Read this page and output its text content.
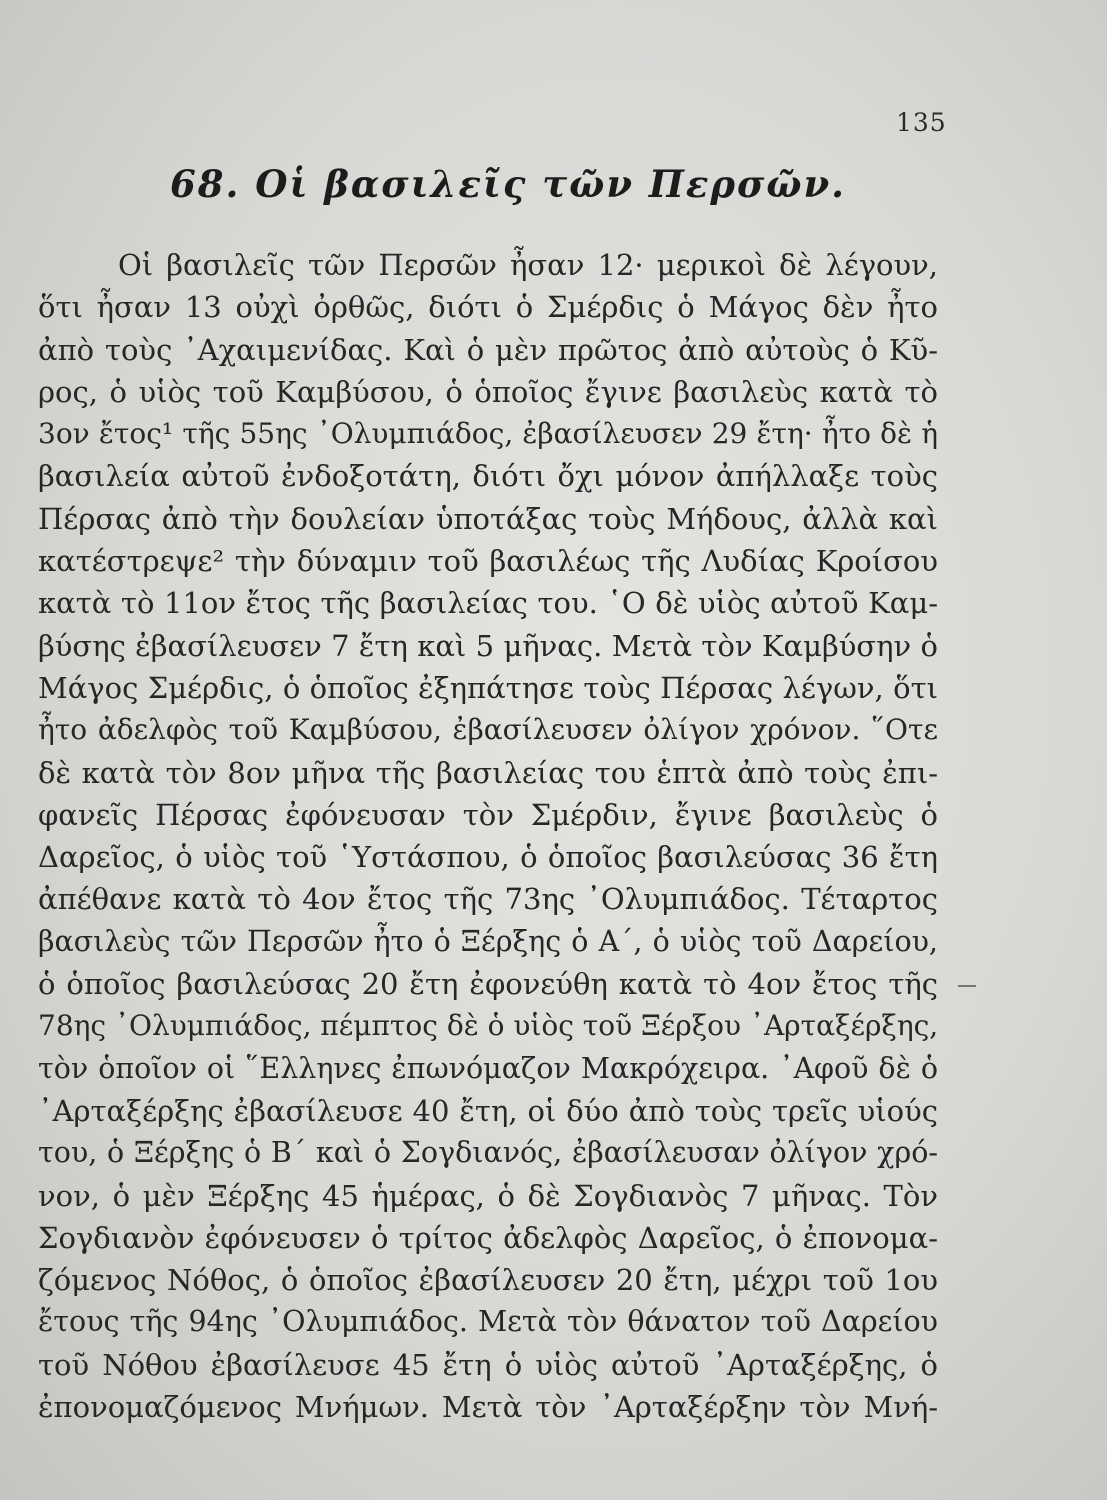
135
68. Οἱ βασιλεῖς τῶν Περσῶν.
Οἱ βασιλεῖς τῶν Περσῶν ἦσαν 12· μερικοὶ δὲ λέγουν,
ὅτι ἦσαν 13 οὐχὶ ὀρθῶς, διότι ὁ Σμέρδις ὁ Μάγος δὲν ἦτο
ἀπὸ τοὺς ᾿Αχαιμενίδας. Καὶ ὁ μὲν πρῶτος ἀπὸ αὐτοὺς ὁ Κῦ-
ρος, ὁ υἱὸς τοῦ Καμβύσου, ὁ ὁποῖος ἔγινε βασιλεὺς κατὰ τὸ
3ον ἔτος¹ τῆς 55ης ᾿Ολυμπιάδος, ἐβασίλευσεν 29 ἔτη· ἦτο δὲ ἡ
βασιλεία αὐτοῦ ἐνδοξοτάτη, διότι ὄχι μόνον ἀπήλλαξε τοὺς
Πέρσας ἀπὸ τὴν δουλείαν ὑποτάξας τοὺς Μήδους, ἀλλὰ καὶ
κατέστρεψε² τὴν δύναμιν τοῦ βασιλέως τῆς Λυδίας Κροίσου
κατὰ τὸ 11ον ἔτος τῆς βασιλείας του. ῾Ο δὲ υἱὸς αὐτοῦ Καμ-
βύσης ἐβασίλευσεν 7 ἔτη καὶ 5 μῆνας. Μετὰ τὸν Καμβύσην ὁ
Μάγος Σμέρδις, ὁ ὁποῖος ἐξηπάτησε τοὺς Πέρσας λέγων, ὅτι
ἦτο ἀδελφὸς τοῦ Καμβύσου, ἐβασίλευσεν ὀλίγον χρόνον. ῞Οτε
δὲ κατὰ τὸν 8ον μῆνα τῆς βασιλείας του ἑπτὰ ἀπὸ τοὺς ἐπι-
φανεῖς Πέρσας ἐφόνευσαν τὸν Σμέρδιν, ἔγινε βασιλεὺς ὁ
Δαρεῖος, ὁ υἱὸς τοῦ ῾Υστάσπου, ὁ ὁποῖος βασιλεύσας 36 ἔτη
ἀπέθανε κατὰ τὸ 4ον ἔτος τῆς 73ης ᾿Ολυμπιάδος. Τέταρτος
βασιλεὺς τῶν Περσῶν ἦτο ὁ Ξέρξης ὁ Α΄, ὁ υἱὸς τοῦ Δαρείου,
ὁ ὁποῖος βασιλεύσας 20 ἔτη ἐφονεύθη κατὰ τὸ 4ον ἔτος τῆς
78ης ᾿Ολυμπιάδος, πέμπτος δὲ ὁ υἱὸς τοῦ Ξέρξου ᾿Αρταξέρξης,
τὸν ὁποῖον οἱ ῞Ελληνες ἐπωνόμαζον Μακρόχειρα. ᾿Αφοῦ δὲ ὁ
᾿Αρταξέρξης ἐβασίλευσε 40 ἔτη, οἱ δύο ἀπὸ τοὺς τρεῖς υἱούς
του, ὁ Ξέρξης ὁ Β΄ καὶ ὁ Σογδιανός, ἐβασίλευσαν ὀλίγον χρό-
νον, ὁ μὲν Ξέρξης 45 ἡμέρας, ὁ δὲ Σογδιανὸς 7 μῆνας. Τὸν
Σογδιανὸν ἐφόνευσεν ὁ τρίτος ἀδελφὸς Δαρεῖος, ὁ ἐπονομα-
ζόμενος Νόθος, ὁ ὁποῖος ἐβασίλευσεν 20 ἔτη, μέχρι τοῦ 1ου
ἔτους τῆς 94ης ᾿Ολυμπιάδος. Μετὰ τὸν θάνατον τοῦ Δαρείου
τοῦ Νόθου ἐβασίλευσε 45 ἔτη ὁ υἱὸς αὐτοῦ ᾿Αρταξέρξης, ὁ
ἐπονομαζόμενος Μνήμων. Μετὰ τὸν ᾿Αρταξέρξην τὸν Μνή-
